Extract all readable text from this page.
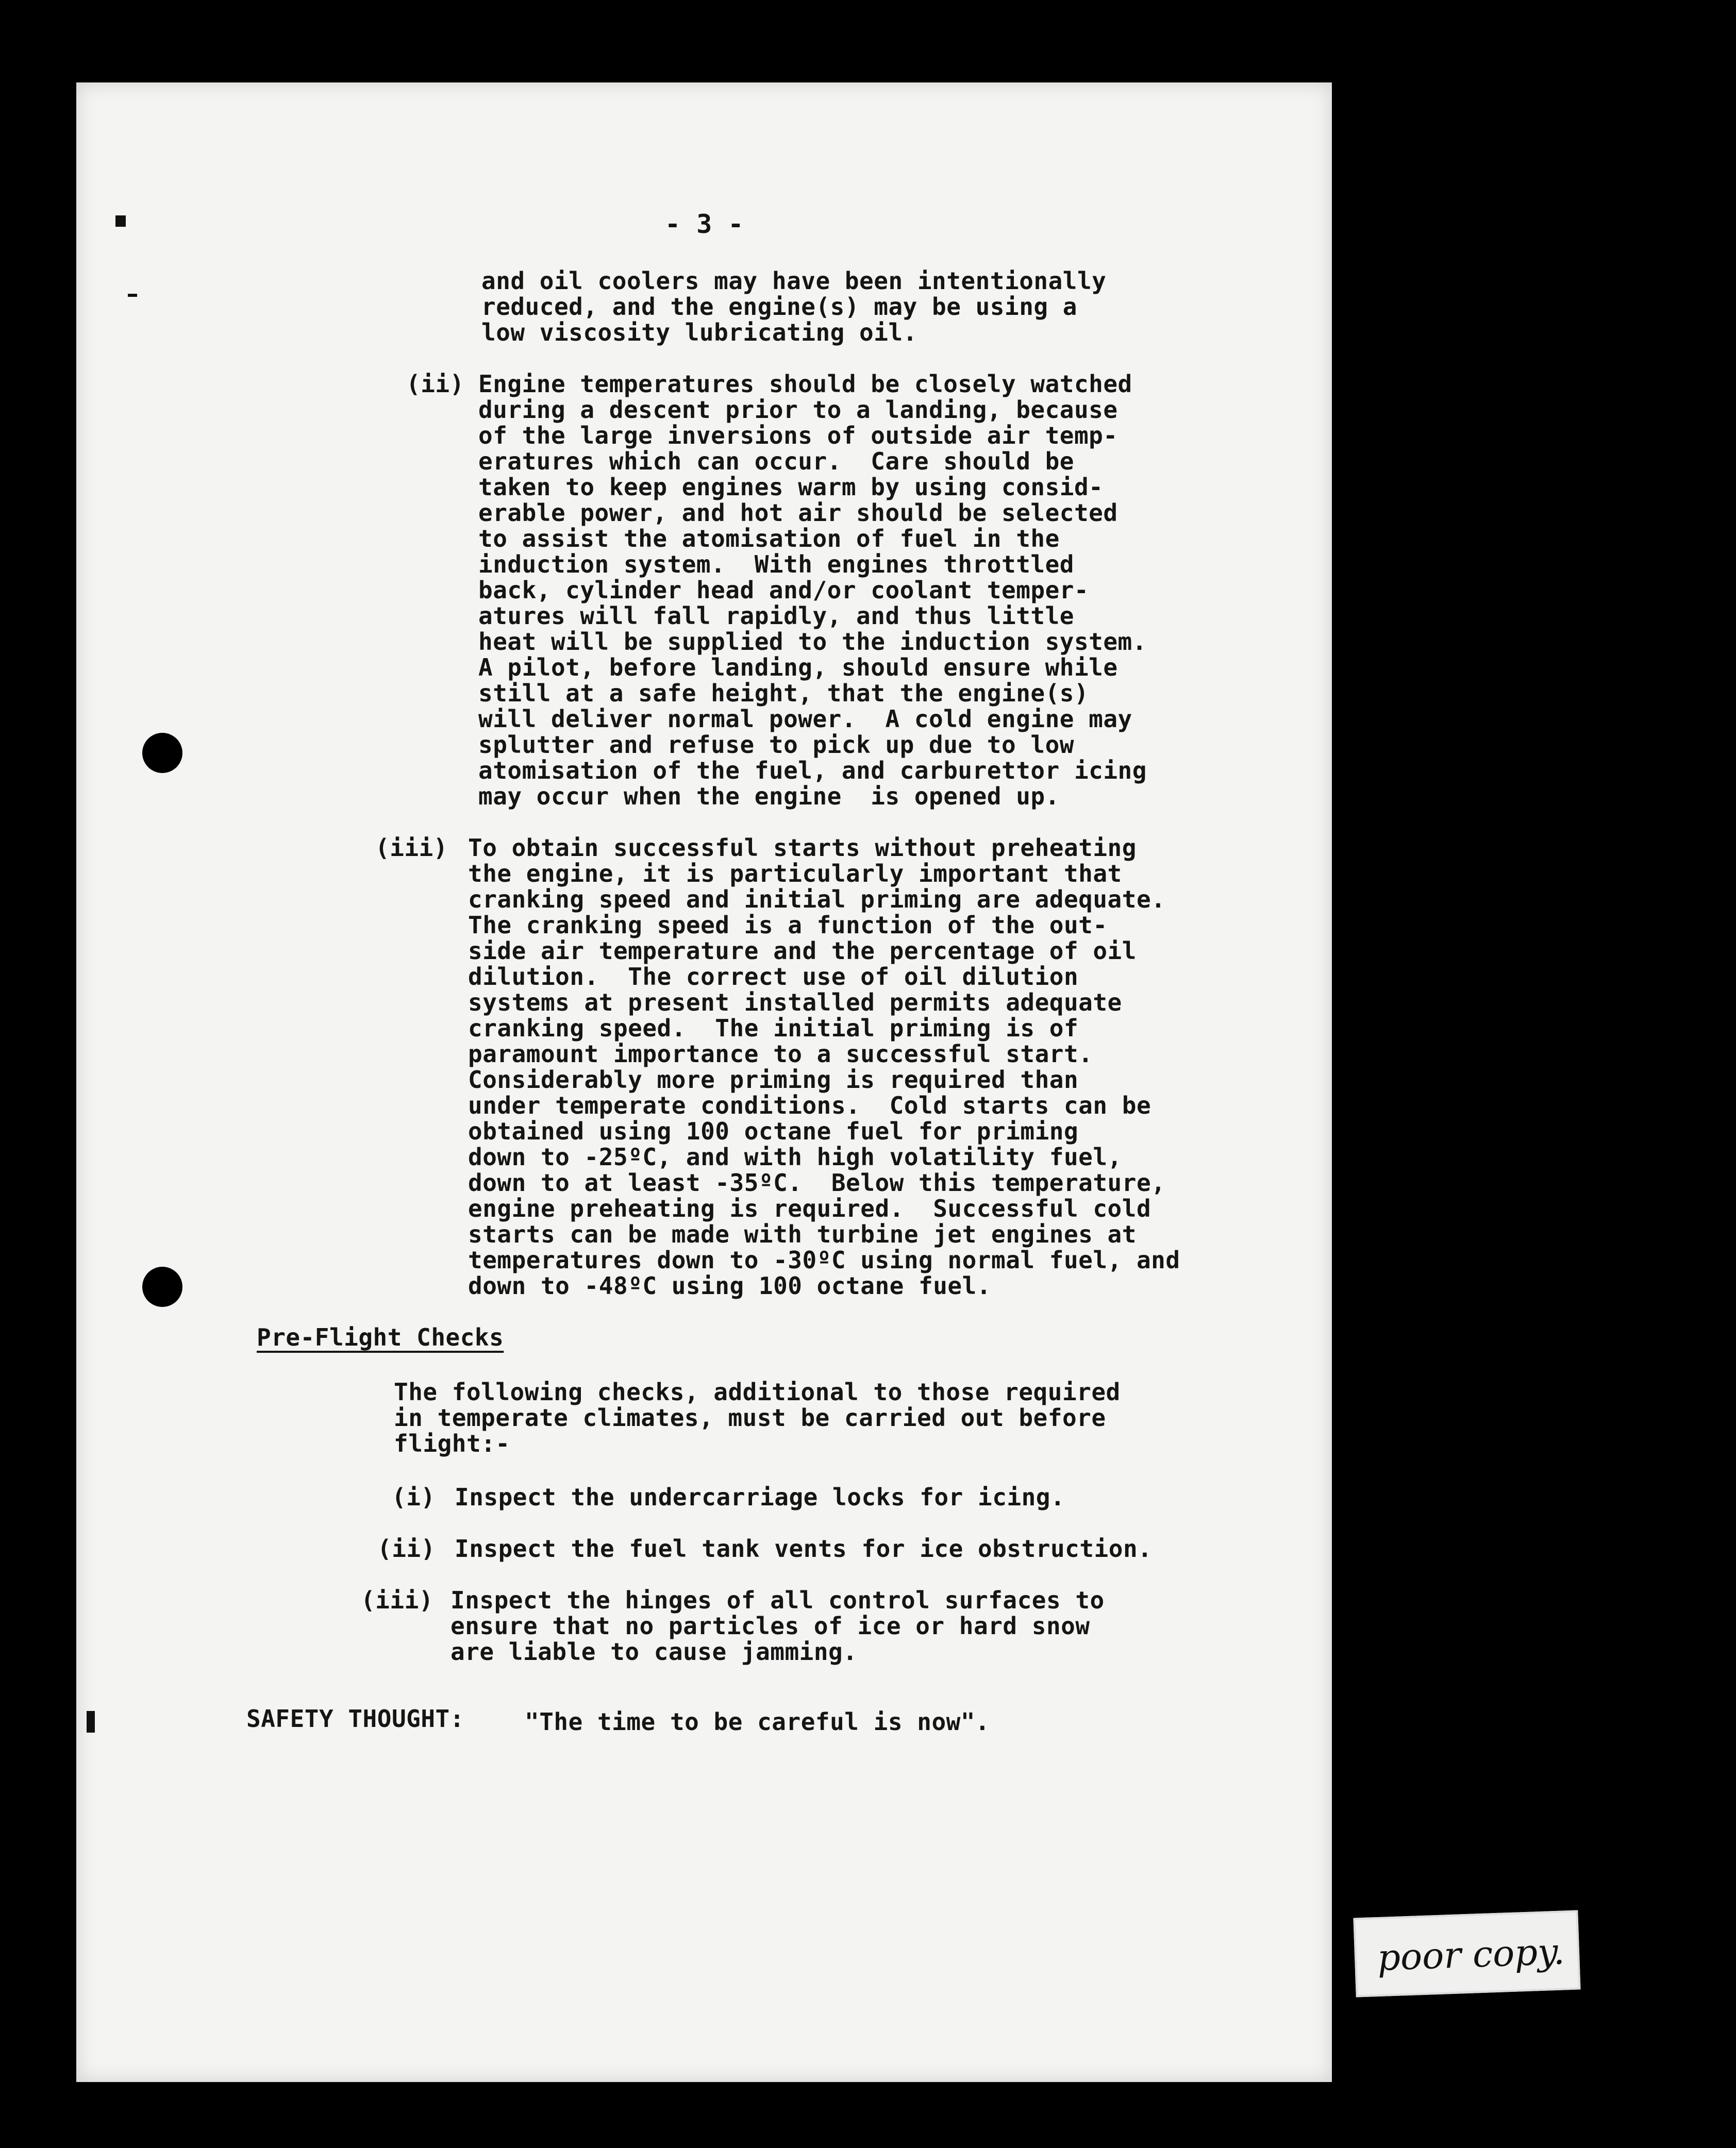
- 3 -
and oil coolers may have been intentionally
reduced, and the engine(s) may be using a
low viscosity lubricating oil.
(ii) Engine temperatures should be closely watched
during a descent prior to a landing, because
of the large inversions of outside air temp-
eratures which can occur.  Care should be
taken to keep engines warm by using consid-
erable power, and hot air should be selected
to assist the atomisation of fuel in the
induction system.  With engines throttled
back, cylinder head and/or coolant temper-
atures will fall rapidly, and thus little
heat will be supplied to the induction system.
A pilot, before landing, should ensure while
still at a safe height, that the engine(s)
will deliver normal power.  A cold engine may
splutter and refuse to pick up due to low
atomisation of the fuel, and carburettor icing
may occur when the engine  is opened up.
(iii) To obtain successful starts without preheating
the engine, it is particularly important that
cranking speed and initial priming are adequate.
The cranking speed is a function of the out-
side air temperature and the percentage of oil
dilution.  The correct use of oil dilution
systems at present installed permits adequate
cranking speed.  The initial priming is of
paramount importance to a successful start.
Considerably more priming is required than
under temperate conditions.  Cold starts can be
obtained using 100 octane fuel for priming
down to -25ºC, and with high volatility fuel,
down to at least -35ºC.  Below this temperature,
engine preheating is required.  Successful cold
starts can be made with turbine jet engines at
temperatures down to -30ºC using normal fuel, and
down to -48ºC using 100 octane fuel.
Pre-Flight Checks
The following checks, additional to those required
in temperate climates, must be carried out before
flight:-
(i) Inspect the undercarriage locks for icing.
(ii) Inspect the fuel tank vents for ice obstruction.
(iii) Inspect the hinges of all control surfaces to
ensure that no particles of ice or hard snow
are liable to cause jamming.
SAFETY THOUGHT:	"The time to be careful is now".
poor copy.
